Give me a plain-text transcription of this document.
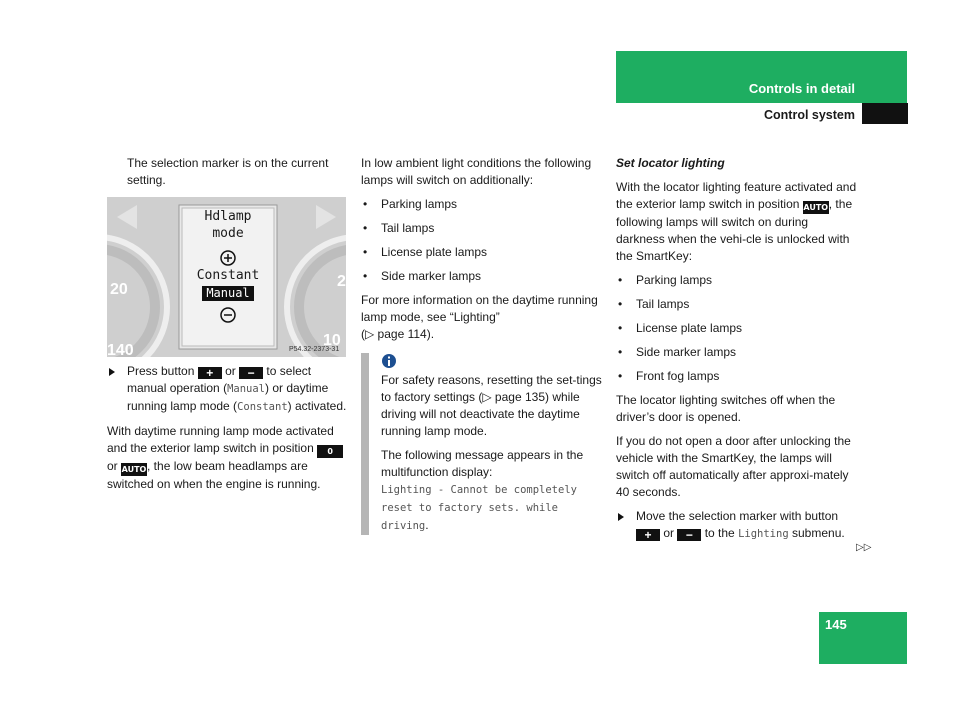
Controls in detail
Control system

The selection marker is on the current setting.

Hdlamp
mode
Constant
Manual
20
140
2
10
P54.32-2373-31

Press button + or − to select manual operation (Manual) or daytime running lamp mode (Constant) activated.

With daytime running lamp mode activated and the exterior lamp switch in position 0 or AUTO, the low beam headlamps are switched on when the engine is running.

In low ambient light conditions the following lamps will switch on additionally:

• Parking lamps
• Tail lamps
• License plate lamps
• Side marker lamps

For more information on the daytime running lamp mode, see “Lighting”
(▷ page 114).

For safety reasons, resetting the set-tings to factory settings (▷ page 135) while driving will not deactivate the daytime running lamp mode.

The following message appears in the multifunction display:
Lighting - Cannot be completely reset to factory sets. while driving.

Set locator lighting

With the locator lighting feature activated and the exterior lamp switch in position AUTO, the following lamps will switch on during darkness when the vehi-cle is unlocked with the SmartKey:

• Parking lamps
• Tail lamps
• License plate lamps
• Side marker lamps
• Front fog lamps

The locator lighting switches off when the driver’s door is opened.

If you do not open a door after unlocking the vehicle with the SmartKey, the lamps will switch off automatically after approxi-mately 40 seconds.

Move the selection marker with button + or − to the Lighting submenu.

▷▷
145
